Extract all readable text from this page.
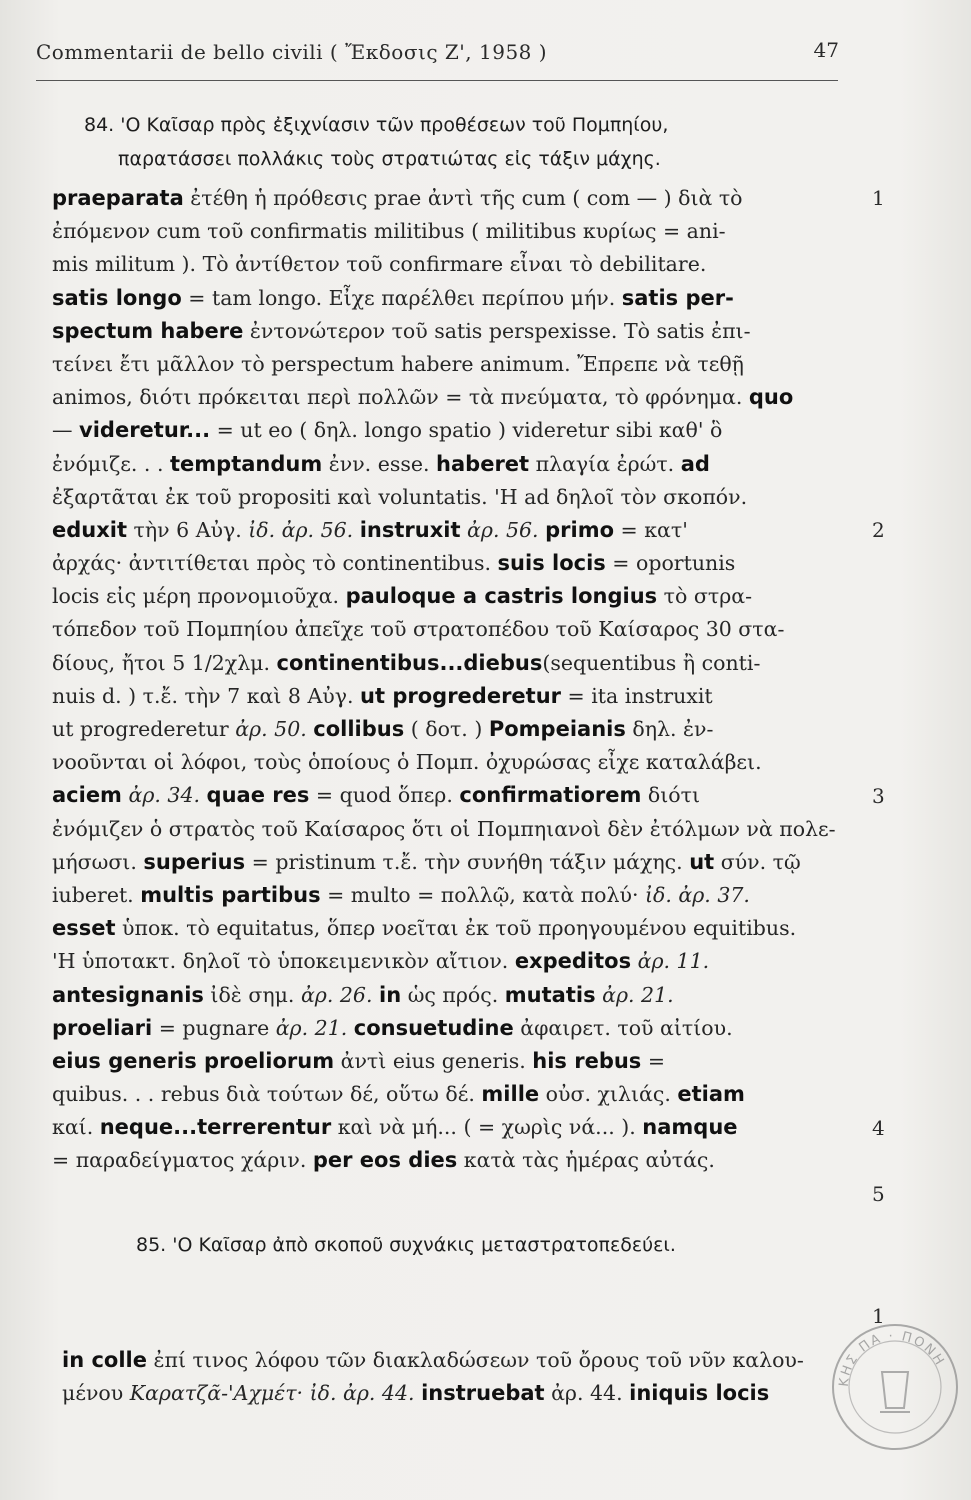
Commentarii de bello civili ( Ἔκδοσις Ζ', 1958 )	47
84. 'Ο Καῖσαρ πρὸς ἐξιχνίασιν τῶν προθέσεων τοῦ Πομπηίου,
παρατάσσει πολλάκις τοὺς στρατιώτας εἰς τάξιν μάχης.
praeparata ἐτέθη ἡ πρόθεσις prae ἀντὶ τῆς cum ( com — ) διὰ τὸ
ἐπόμενον cum τοῦ confirmatis militibus ( militibus κυρίως = ani-
mis militum ). Τὸ ἀντίθετον τοῦ confirmare εἶναι τὸ debilitare.
satis longo = tam longo. Εἶχε παρέλθει περίπου μήν. satis per-
spectum habere ἐντονώτερον τοῦ satis perspexisse. Τὸ satis ἐπι-
τείνει ἔτι μᾶλλον τὸ perspectum habere animum. Ἔπρεπε νὰ τεθῇ
animos, διότι πρόκειται περὶ πολλῶν = τὰ πνεύματα, τὸ φρόνημα. quo
— videretur... = ut eo ( δηλ. longo spatio ) videretur sibi καθ' ὃ
ἐνόμιζε. . . temptandum ἐνν. esse. haberet πλαγία ἐρώτ. ad
ἐξαρτᾶται ἐκ τοῦ propositi καὶ voluntatis. 'Η ad δηλοῖ τὸν σκοπόν.
eduxit τὴν 6 Αὐγ. ἰδ. ἀρ. 56. instruxit ἀρ. 56. primo = κατ'
ἀρχάς· ἀντιτίθεται πρὸς τὸ continentibus. suis locis = oportunis
locis εἰς μέρη προνομιοῦχα. pauloque a castris longius τὸ στρα-
τόπεδον τοῦ Πομπηίου ἀπεῖχε τοῦ στρατοπέδου τοῦ Καίσαρος 30 στα-
δίους, ἤτοι 5 1/2χλμ. continentibus...diebus(sequentibus ἢ conti-
nuis d. ) τ.ἔ. τὴν 7 καὶ 8 Αὐγ. ut progrederetur = ita instruxit
ut progrederetur ἀρ. 50. collibus ( δοτ. ) Pompeianis δηλ. ἐν-
νοοῦνται οἱ λόφοι, τοὺς ὁποίους ὁ Πομπ. ὀχυρώσας εἶχε καταλάβει.
aciem ἀρ. 34. quae res = quod ὅπερ. confirmatiorem διότι
ἐνόμιζεν ὁ στρατὸς τοῦ Καίσαρος ὅτι οἱ Πομπηιανοὶ δὲν ἐτόλμων νὰ πολε-
μήσωσι. superius = pristinum τ.ἔ. τὴν συνήθη τάξιν μάχης. ut σύν. τῷ
iuberet. multis partibus = multo = πολλῷ, κατὰ πολύ· ἰδ. ἀρ. 37.
esset ὑποκ. τὸ equitatus, ὅπερ νοεῖται ἐκ τοῦ προηγουμένου equitibus.
'Η ὑποτακτ. δηλοῖ τὸ ὑποκειμενικὸν αἴτιον. expeditos ἀρ. 11.
antesignanis ἰδὲ σημ. ἀρ. 26. in ὡς πρός. mutatis ἀρ. 21.
proeliari = pugnare ἀρ. 21. consuetudine ἀφαιρετ. τοῦ αἰτίου.
eius generis proeliorum ἀντὶ eius generis. his rebus =
quibus. . . rebus διὰ τούτων δέ, οὕτω δέ. mille οὐσ. χιλιάς. etiam
καί. neque...terrerentur καὶ νὰ μή... ( = χωρὶς νά... ). namque
= παραδείγματος χάριν. per eos dies κατὰ τὰς ἡμέρας αὐτάς.
1
2
3
4
5
85. 'Ο Καῖσαρ ἀπὸ σκοποῦ συχνάκις μεταστρατοπεδεύει.
in colle ἐπί τινος λόφου τῶν διακλαδώσεων τοῦ ὄρους τοῦ νῦν καλου-
μένου Καρατζᾶ-'Αχμέτ· ἰδ. ἀρ. 44. instruebat ἀρ. 44. iniquis locis
1
ΚΗΣ ΠΑ · ΠΟΝΗ
